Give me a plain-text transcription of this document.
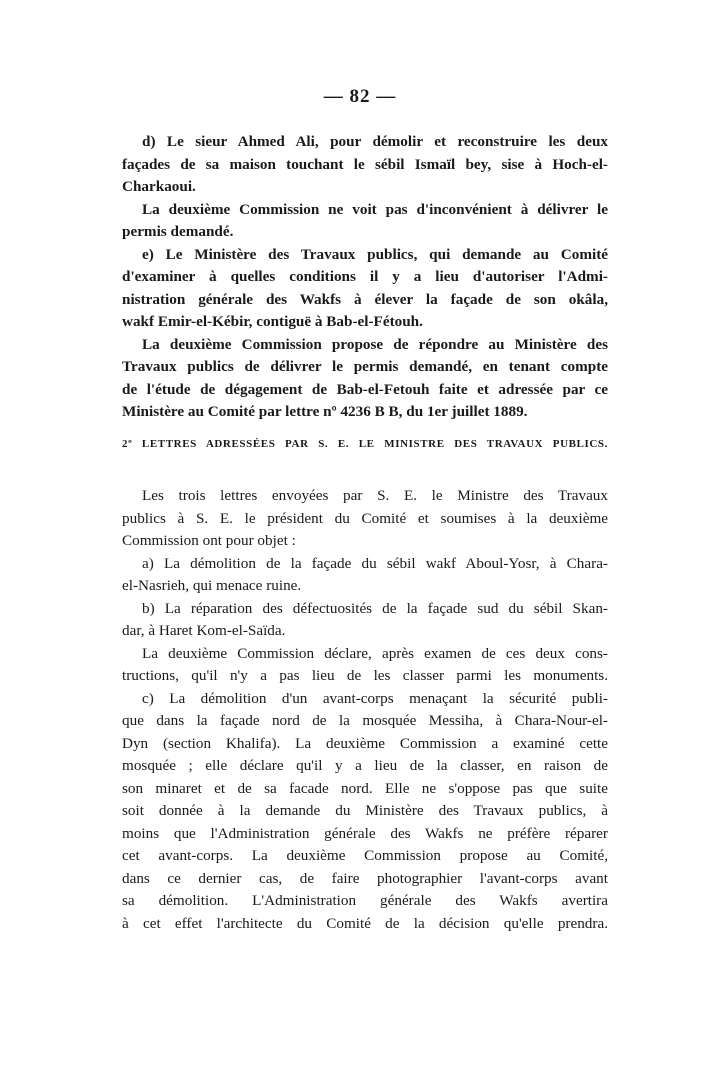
— 82 —
d) Le sieur Ahmed Ali, pour démolir et reconstruire les deux
façades de sa maison touchant le sébil Ismaïl bey, sise à Hoch-el-
Charkaoui.
La deuxième Commission ne voit pas d'inconvénient à délivrer le
permis demandé.
e) Le Ministère des Travaux publics, qui demande au Comité
d'examiner à quelles conditions il y a lieu d'autoriser l'Admi-
nistration générale des Wakfs à élever la façade de son okâla,
wakf Emir-el-Kébir, contiguë à Bab-el-Fétouh.
La deuxième Commission propose de répondre au Ministère des
Travaux publics de délivrer le permis demandé, en tenant compte
de l'étude de dégagement de Bab-el-Fetouh faite et adressée par ce
Ministère au Comité par lettre nº 4236 B B, du 1er juillet 1889.
2º LETTRES ADRESSÉES PAR S. E. LE MINISTRE DES TRAVAUX PUBLICS.
Les trois lettres envoyées par S. E. le Ministre des Travaux
publics à S. E. le président du Comité et soumises à la deuxième
Commission ont pour objet :
a) La démolition de la façade du sébil wakf Aboul-Yosr, à Chara-
el-Nasrieh, qui menace ruine.
b) La réparation des défectuosités de la façade sud du sébil Skan-
dar, à Haret Kom-el-Saïda.
La deuxième Commission déclare, après examen de ces deux cons-
tructions, qu'il n'y a pas lieu de les classer parmi les monuments.
c) La démolition d'un avant-corps menaçant la sécurité publi-
que dans la façade nord de la mosquée Messiha, à Chara-Nour-el-
Dyn (section Khalifa). La deuxième Commission a examiné cette
mosquée ; elle déclare qu'il y a lieu de la classer, en raison de
son minaret et de sa facade nord. Elle ne s'oppose pas que suite
soit donnée à la demande du Ministère des Travaux publics, à
moins que l'Administration générale des Wakfs ne préfère réparer
cet avant-corps. La deuxième Commission propose au Comité,
dans ce dernier cas, de faire photographier l'avant-corps avant
sa démolition. L'Administration générale des Wakfs avertira
à cet effet l'architecte du Comité de la décision qu'elle prendra.
